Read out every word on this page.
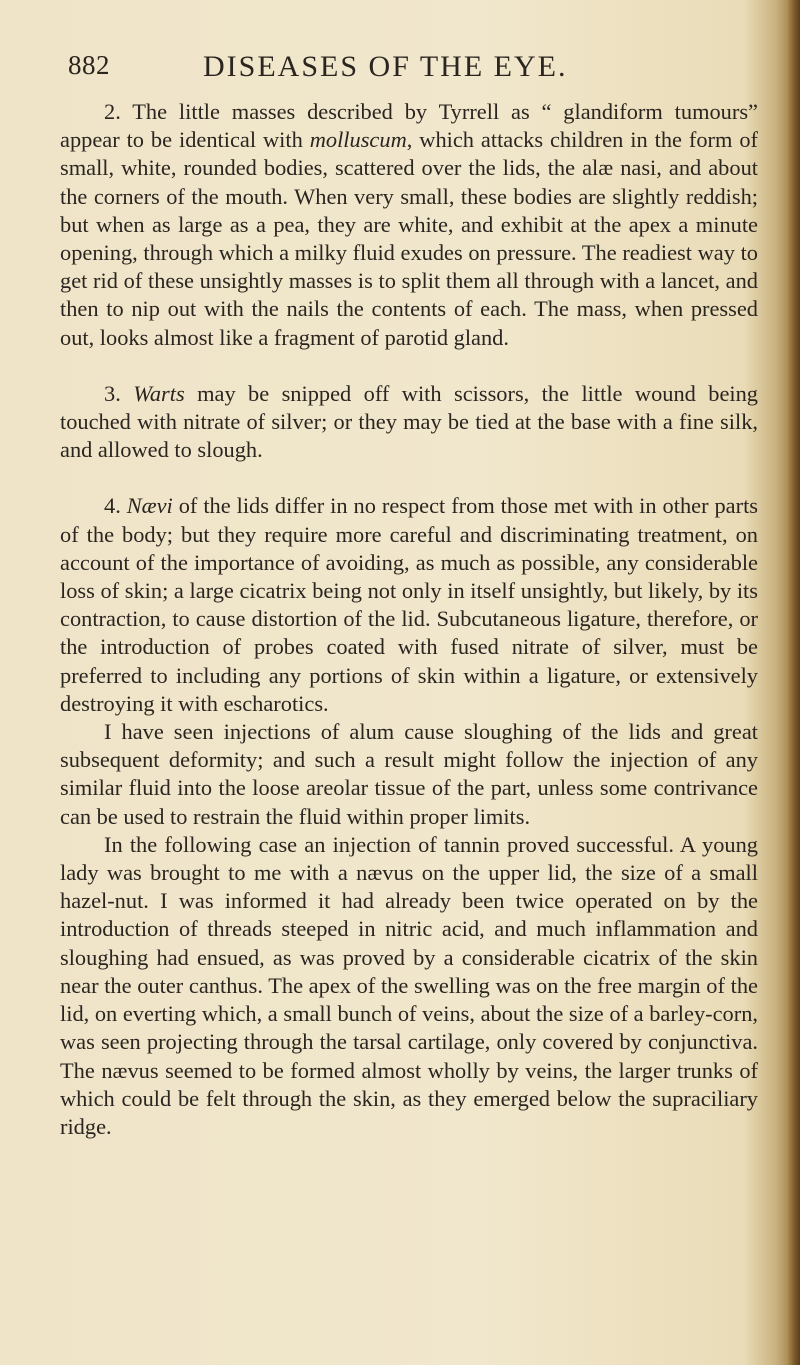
882	DISEASES OF THE EYE.

2. The little masses described by Tyrrell as “ glandiform tumours” appear to be identical with molluscum, which attacks children in the form of small, white, rounded bodies, scattered over the lids, the alæ nasi, and about the corners of the mouth. When very small, these bodies are slightly reddish; but when as large as a pea, they are white, and exhibit at the apex a minute opening, through which a milky fluid exudes on pressure. The readiest way to get rid of these unsightly masses is to split them all through with a lancet, and then to nip out with the nails the contents of each. The mass, when pressed out, looks almost like a fragment of parotid gland.

3. Warts may be snipped off with scissors, the little wound being touched with nitrate of silver; or they may be tied at the base with a fine silk, and allowed to slough.

4. Nævi of the lids differ in no respect from those met with in other parts of the body; but they require more careful and discriminating treatment, on account of the importance of avoiding, as much as possible, any considerable loss of skin; a large cicatrix being not only in itself unsightly, but likely, by its contraction, to cause distortion of the lid. Subcutaneous ligature, therefore, or the introduction of probes coated with fused nitrate of silver, must be preferred to including any portions of skin within a ligature, or extensively destroying it with escharotics.

I have seen injections of alum cause sloughing of the lids and great subsequent deformity; and such a result might follow the injection of any similar fluid into the loose areolar tissue of the part, unless some contrivance can be used to restrain the fluid within proper limits.

In the following case an injection of tannin proved successful. A young lady was brought to me with a nævus on the upper lid, the size of a small hazel-nut. I was informed it had already been twice operated on by the introduction of threads steeped in nitric acid, and much inflammation and sloughing had ensued, as was proved by a considerable cicatrix of the skin near the outer canthus. The apex of the swelling was on the free margin of the lid, on everting which, a small bunch of veins, about the size of a barley-corn, was seen projecting through the tarsal cartilage, only covered by conjunctiva. The nævus seemed to be formed almost wholly by veins, the larger trunks of which could be felt through the skin, as they emerged below the supraciliary ridge.
